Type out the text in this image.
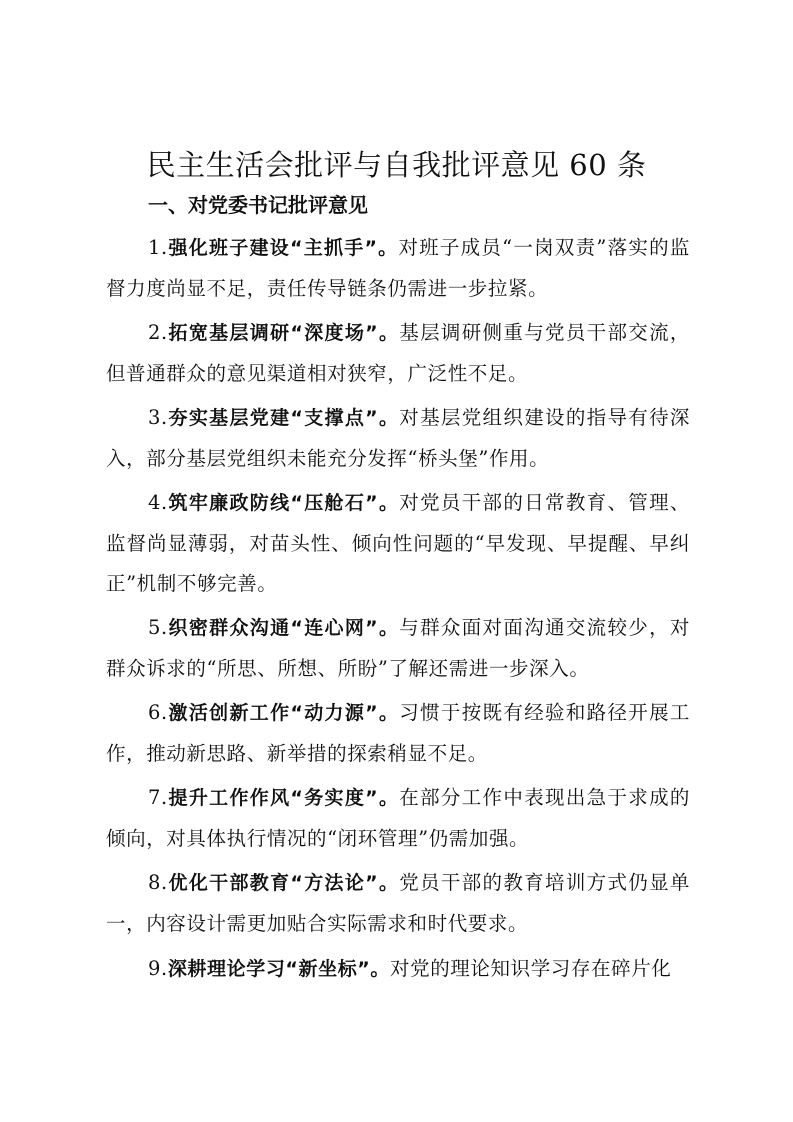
民主生活会批评与自我批评意见 60 条
一、对党委书记批评意见
1.强化班子建设“主抓手”。对班子成员“一岗双责”落实的监督力度尚显不足，责任传导链条仍需进一步拉紧。
2.拓宽基层调研“深度场”。基层调研侧重与党员干部交流，但普通群众的意见渠道相对狭窄，广泛性不足。
3.夯实基层党建“支撑点”。对基层党组织建设的指导有待深入，部分基层党组织未能充分发挥“桥头堡”作用。
4.筑牢廉政防线“压舱石”。对党员干部的日常教育、管理、监督尚显薄弱，对苗头性、倾向性问题的“早发现、早提醒、早纠正”机制不够完善。
5.织密群众沟通“连心网”。与群众面对面沟通交流较少，对群众诉求的“所思、所想、所盼”了解还需进一步深入。
6.激活创新工作“动力源”。习惯于按既有经验和路径开展工作，推动新思路、新举措的探索稍显不足。
7.提升工作作风“务实度”。在部分工作中表现出急于求成的倾向，对具体执行情况的“闭环管理”仍需加强。
8.优化干部教育“方法论”。党员干部的教育培训方式仍显单一，内容设计需更加贴合实际需求和时代要求。
9.深耕理论学习“新坐标”。对党的理论知识学习存在碎片化
